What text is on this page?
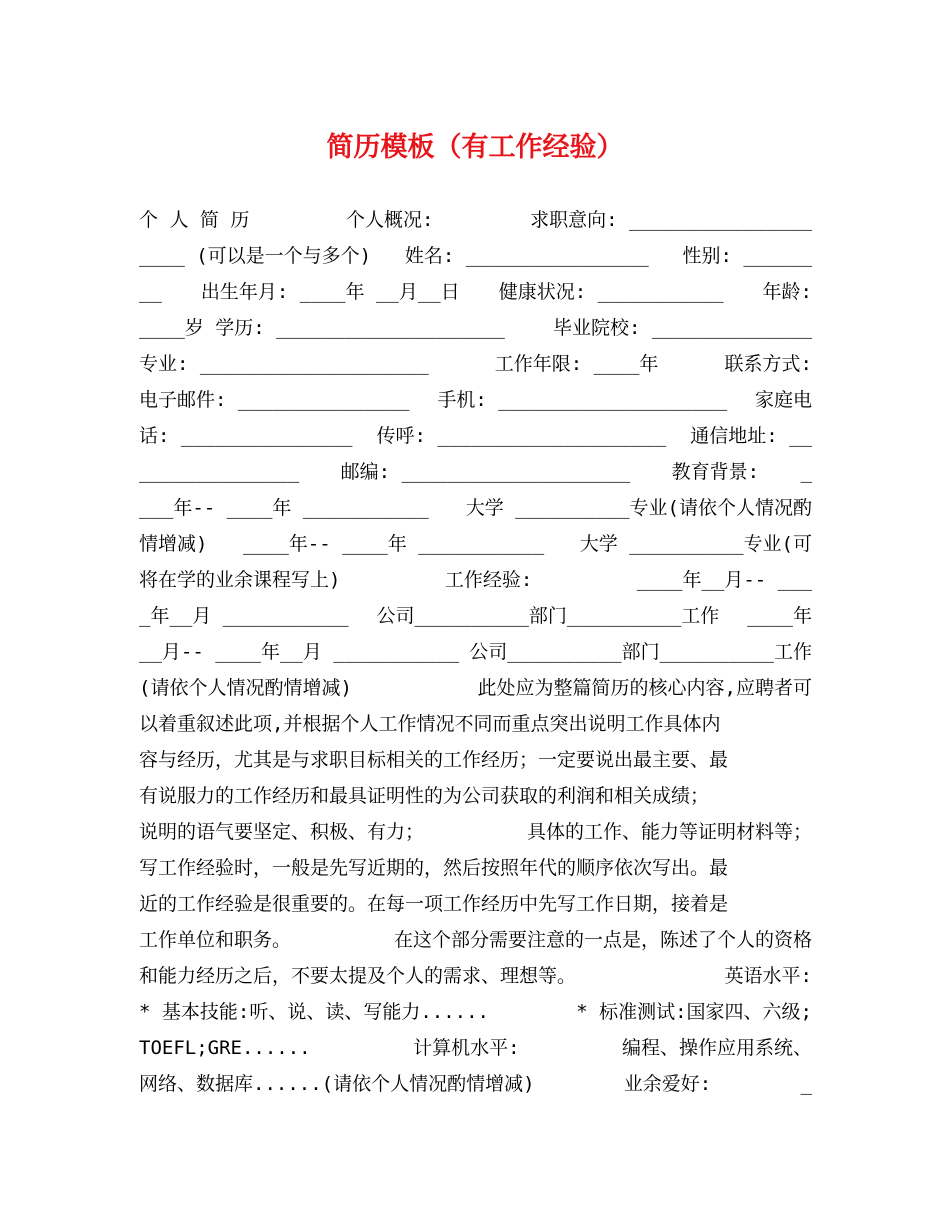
简历模板（有工作经验）
个 人 简 历	个人概况:	求职意向: ________________
____ (可以是一个与多个) 姓名: ________________ 性别: ______
__ 出生年月: ____年 __月__日 健康状况: ___________ 年龄:
____岁 学历: ____________________	毕业院校: ______________
专业: ____________________	工作年限: ____年	联系方式:
电子邮件: _______________ 手机: ____________________ 家庭电
话: _______________ 传呼: ____________________ 通信地址: __
______________ 邮编: ____________________ 教育背景: _
___年-- ____年 ___________ 大学 __________专业(请依个人情况酌
情增减) ____年-- ____年 ___________ 大学 __________专业(可
将在学的业余课程写上)	工作经验:	____年__月-- ___
_年__月 ___________ 公司__________部门__________工作 ____年
__月-- ____年__月 ___________ 公司__________部门__________工作
(请依个人情况酌情增减)	此处应为整篇简历的核心内容,应聘者可
以着重叙述此项,并根据个人工作情况不同而重点突出说明工作具体内
容与经历，尤其是与求职目标相关的工作经历；一定要说出最主要、最
有说服力的工作经历和最具证明性的为公司获取的利润和相关成绩；
说明的语气要坚定、积极、有力；	具体的工作、能力等证明材料等；
写工作经验时，一般是先写近期的，然后按照年代的顺序依次写出。最
近的工作经验是很重要的。在每一项工作经历中先写工作日期，接着是
工作单位和职务。	在这个部分需要注意的一点是，陈述了个人的资格
和能力经历之后，不要太提及个人的需求、理想等。	英语水平:
* 基本技能:听、说、读、写能力......	* 标准测试:国家四、六级;
TOEFL;GRE......	计算机水平:	编程、操作应用系统、
网络、数据库......(请依个人情况酌情增减)	业余爱好:	_
